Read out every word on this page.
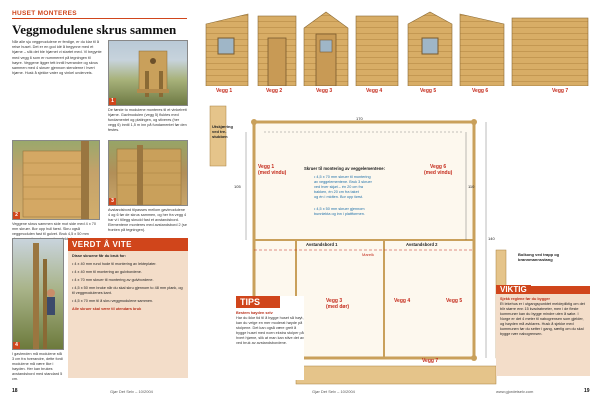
HUSET MONTERES
Veggmodulene skrus sammen
Når alle sju veggmodulene er ferdige, er du klar til å reise huset. Det er en god idé å begynne med et hjørne – slik det ble hjørnet vi startet med. Vi begynte med vegg 6 som er nummerert på tegningen til høyre. Veggene ligger tett inntil hverandre og skrus sammen med 4 skruer gjennom stenderne i hvert hjørne. Husk å sjekke vater og vinkel underveis.
1
De første to modulene monteres til et vinkelrett hjørne. Gavlmodulen (vegg 5) fluktes med fundamentet og platingen, og stiveres (her vegg 6) inntil 1,5 m inn på fundamentet før den festes.
2
Veggene skrus sammen side mot side med 4 x 70 mm skruer. Bor opp hull først. Skru også veggmodulen fast til gulvet. Bruk 4,5 x 50 mm
3
Avstandsbord tilpasses mellom gavlmodulene 4 og 6 før de skrus sammen, og her fra vegg 4 har vi i tillegg skrudd fast et avstandsbord. Elementene monteres med avstandsbord 2 (se fronten på tegningen).
4
I gavlenden må modulene stå 3 cm fra hverandre, dette fordi modulene må være like i høyden. Her kan brukes avstandsbord med standard 5 cm.
VERDT Å VITE

Disse skruene får du bruk for:

• 4 x 40 mm rund hode til montering av lekteplater.

• 4 x 40 mm til montering av gulvbordene.

• 4 x 70 mm skruer til montering av gulvbordene.

• 4,5 x 50 mm bruke når du skal skru gjennom to 48 mm plank, og til veggmodulenes kant.

• 4,5 x 70 mm til å skru veggmodulene sammen.

Alle skruer skal være til utendørs bruk

18	Gjør Det Selv – 10/2004
Vegg 1	Vegg 2	Vegg 3	Vegg 4	Vegg 5	Vegg 6	Vegg 7
Utskjæring
ved tre-
stubben
Vegg 1
(med vindu)
Vegg 6
(med vindu)
Skruer til montering av veggelementene:
• 4,5 x 70 mm skruer til montering
av veggelementene. Bruk 3 skruer
ved hver skjøt – én 20 cm fra
bakken, én 20 cm fra taket
og én i midten. Bor opp først.
• 4,5 x 50 mm skruer gjennom
bunnlekta og inn i plattformen.
Avstandsbord 1	Avstandsbord 2
Marelk
Vegg 3
(med dør)
Vegg 4	Vegg 5
Vegg 7
170
105	110
140
Bolkong ved trapp og brannmannsstang
TIPS
Bestem høyden selv
Har du ikke tid til å bygge huset så høyt, kan du velge en mer moderat høyde på stolpene. Det kan også være greit å bygge huset med noen ekstra stolper på hvert hjørne, slik at man kan stive det av ved bruk av avstandsbordene.
VIKTIG
Sjekk reglene før du bygger
Et lekehus er i utgangspunktet meldepliktig om det blir større enn 15 kvadratmeter, men i de fleste kommuner kan du bygge mindre uten å søke. I Norge er det 4 meter til nabogrensen som gjelder, og høyden må avklares. Husk å sjekke med kommunen før du setter i gang, særlig om du skal bygge nær nabogrensen.
Gjør Det Selv – 10/2004	www.gjordetselv.com	19
